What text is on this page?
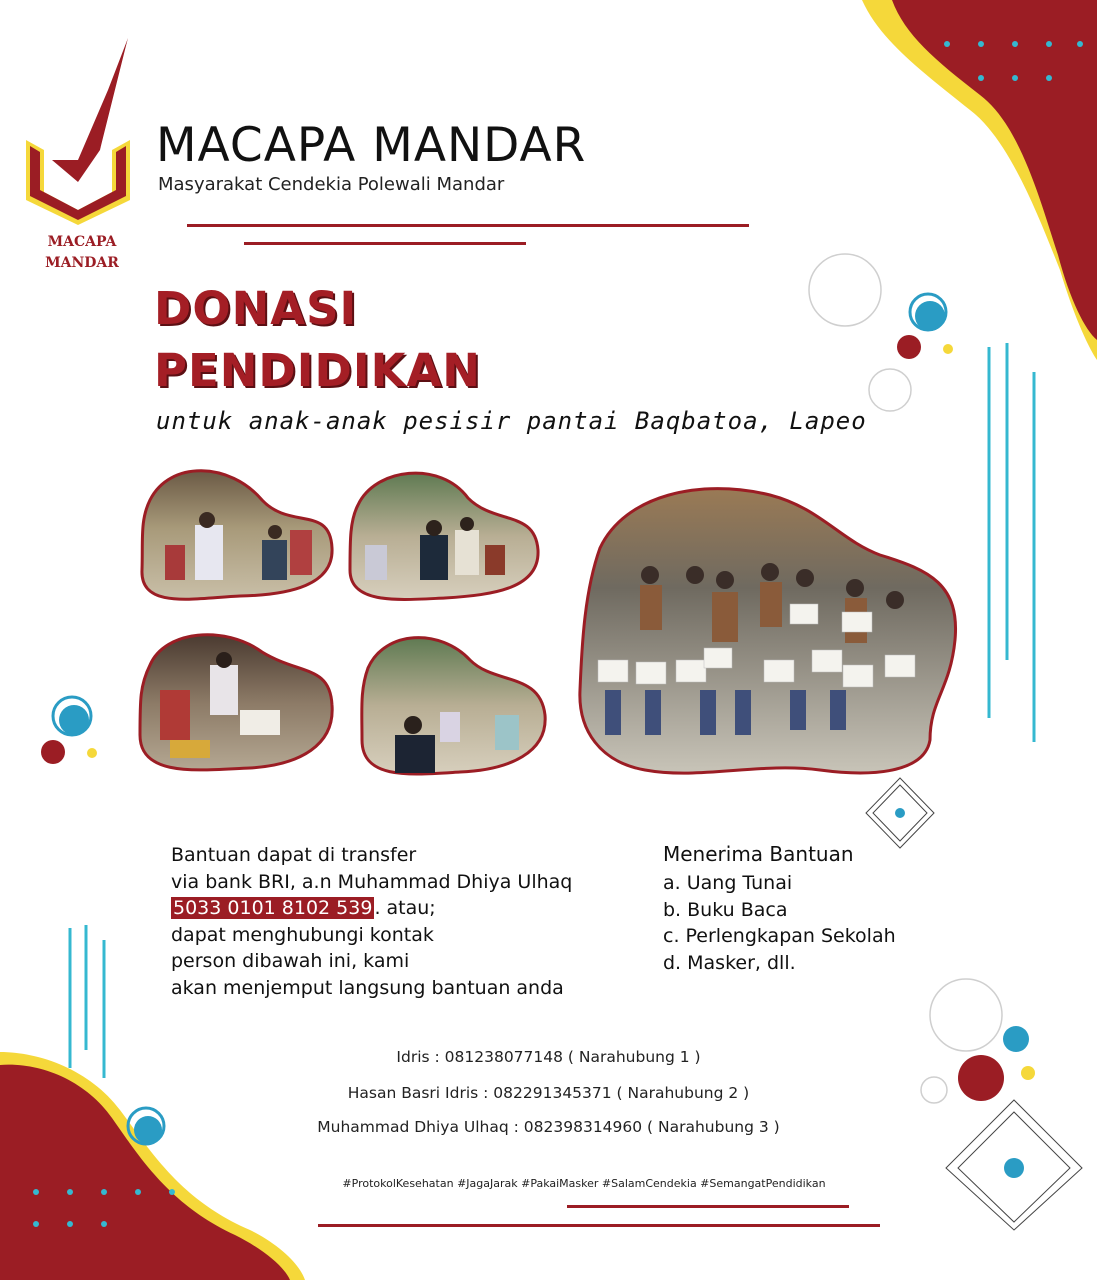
MACAPA
MANDAR
MACAPA MANDAR
Masyarakat Cendekia Polewali Mandar
DONASI
PENDIDIKAN
untuk anak-anak pesisir pantai Baqbatoa, Lapeo
Bantuan dapat di transfer
via bank BRI, a.n Muhammad Dhiya Ulhaq
5033 0101 8102 539 . atau;
dapat menghubungi kontak
person dibawah ini, kami
akan menjemput langsung bantuan anda
Menerima Bantuan
a. Uang Tunai
b. Buku Baca
c. Perlengkapan Sekolah
d. Masker, dll.
Idris : 081238077148 ( Narahubung 1 )
Hasan Basri Idris : 082291345371 ( Narahubung 2 )
Muhammad Dhiya Ulhaq : 082398314960 ( Narahubung 3 )
#ProtokolKesehatan #JagaJarak #PakaiMasker #SalamCendekia #SemangatPendidikan
